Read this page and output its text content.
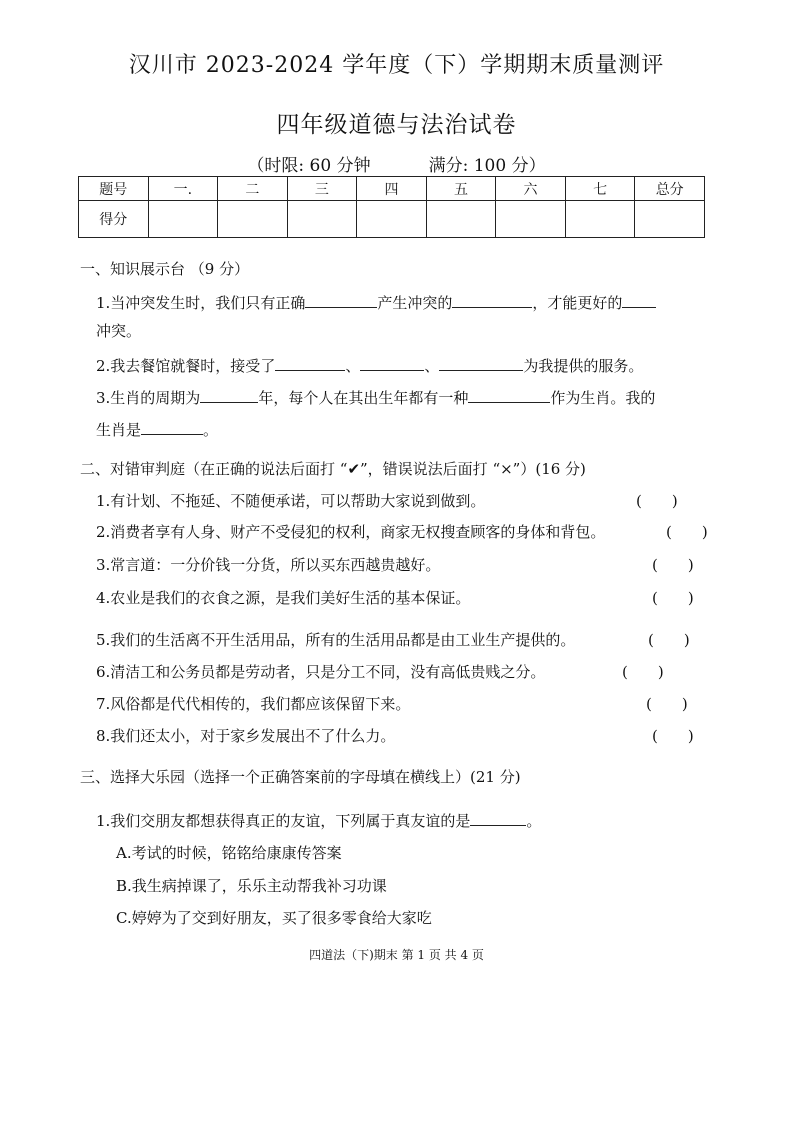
汉川市 2023-2024 学年度（下）学期期末质量测评
四年级道德与法治试卷
（时限: 60 分钟	满分: 100 分）
题号	一.	二	三	四	五	六	七	总分
得分								
一、知识展示台 （9 分）
1.当冲突发生时，我们只有正确	产生冲突的	，才能更好的
冲突。
2.我去餐馆就餐时，接受了	、	、	为我提供的服务。
3.生肖的周期为	年，每个人在其出生年都有一种	作为生肖。我的
生肖是	。
二、对错审判庭（在正确的说法后面打 “✔”，错误说法后面打 “×”）(16 分)
1.有计划、不拖延、不随便承诺，可以帮助大家说到做到。	(　　)
2.消费者享有人身、财产不受侵犯的权利，商家无权搜查顾客的身体和背包。	(　　)
3.常言道：一分价钱一分货，所以买东西越贵越好。	(　　)
4.农业是我们的衣食之源，是我们美好生活的基本保证。	(　　)
5.我们的生活离不开生活用品，所有的生活用品都是由工业生产提供的。	(　　)
6.清洁工和公务员都是劳动者，只是分工不同，没有高低贵贱之分。	(　　)
7.风俗都是代代相传的，我们都应该保留下来。	(　　)
8.我们还太小，对于家乡发展出不了什么力。	(　　)
三、选择大乐园（选择一个正确答案前的字母填在横线上）(21 分)
1.我们交朋友都想获得真正的友谊，下列属于真友谊的是	。
A.考试的时候，铭铭给康康传答案
B.我生病掉课了，乐乐主动帮我补习功课
C.婷婷为了交到好朋友，买了很多零食给大家吃
四道法（下)期末 第 1 页 共 4 页
